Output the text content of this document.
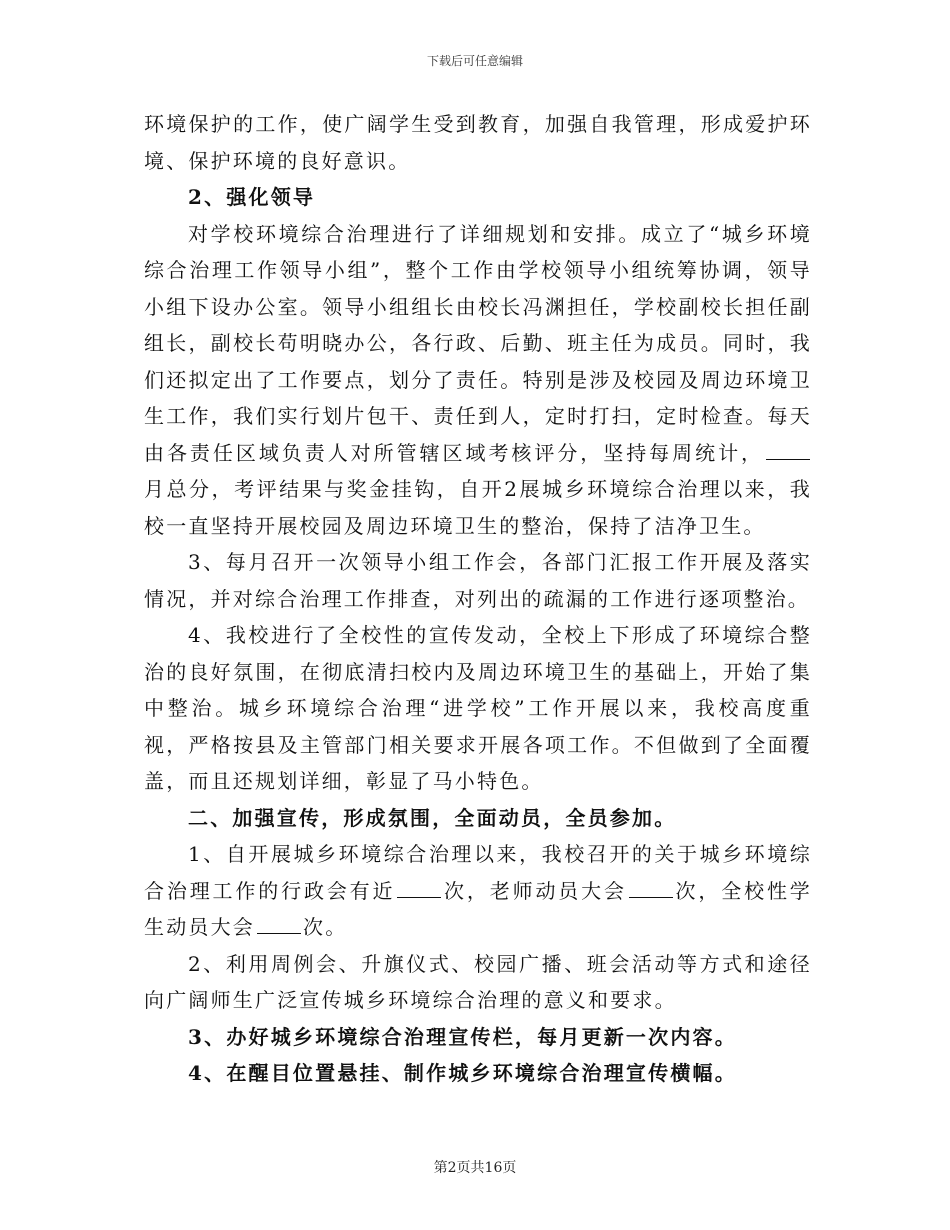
下载后可任意编辑

环境保护的工作，使广阔学生受到教育，加强自我管理，形成爱护环境、保护环境的良好意识。

2、强化领导

对学校环境综合治理进行了详细规划和安排。成立了“城乡环境综合治理工作领导小组”，整个工作由学校领导小组统筹协调，领导小组下设办公室。领导小组组长由校长冯渊担任，学校副校长担任副组长，副校长苟明晓办公，各行政、后勤、班主任为成员。同时，我们还拟定出了工作要点，划分了责任。特别是涉及校园及周边环境卫生工作，我们实行划片包干、责任到人，定时打扫，定时检查。每天由各责任区域负责人对所管辖区域考核评分，坚持每周统计，月总分，考评结果与奖金挂钩，自开2展城乡环境综合治理以来，我校一直坚持开展校园及周边环境卫生的整治，保持了洁净卫生。

3、每月召开一次领导小组工作会，各部门汇报工作开展及落实情况，并对综合治理工作排查，对列出的疏漏的工作进行逐项整治。

4、我校进行了全校性的宣传发动，全校上下形成了环境综合整治的良好氛围，在彻底清扫校内及周边环境卫生的基础上，开始了集中整治。城乡环境综合治理“进学校”工作开展以来，我校高度重视，严格按县及主管部门相关要求开展各项工作。不但做到了全面覆盖，而且还规划详细，彰显了马小特色。

二、加强宣传，形成氛围，全面动员，全员参加。

1、自开展城乡环境综合治理以来，我校召开的关于城乡环境综合治理工作的行政会有近 次，老师动员大会 次，全校性学生动员大会 次。

2、利用周例会、升旗仪式、校园广播、班会活动等方式和途径向广阔师生广泛宣传城乡环境综合治理的意义和要求。

3、办好城乡环境综合治理宣传栏，每月更新一次内容。

4、在醒目位置悬挂、制作城乡环境综合治理宣传横幅。

第2页共16页
